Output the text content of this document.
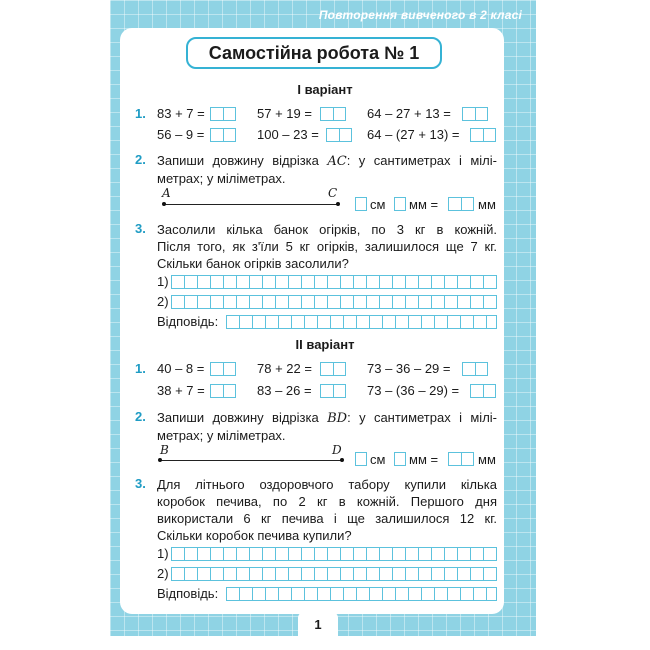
Повторення вивченого в 2 класі
1
Самостійна робота № 1
І варіант
1. 83 + 7 =	57 + 19 =	64 – 27 + 13 =
56 – 9 =	100 – 23 =	64 – (27 + 13) =
2. Запиши довжину відрізка AC: у сантиметрах і мілі-
метрах; у міліметрах.
A	C
см мм =	мм
3. Засолили кілька банок огірків, по 3 кг в кожній.
Після того, як з'їли 5 кг огірків, залишилося ще 7 кг.
Скільки банок огірків засолили?
1)
2)
Відповідь:
ІІ варіант
1. 40 – 8 =	78 + 22 =	73 – 36 – 29 =
38 + 7 =	83 – 26 =	73 – (36 – 29) =
2. Запиши довжину відрізка BD: у сантиметрах і мілі-
метрах; у міліметрах.
B	D
см мм =	мм
3. Для літнього оздоровчого табору купили кілька
коробок печива, по 2 кг в кожній. Першого дня
використали 6 кг печива і ще залишилося 12 кг.
Скільки коробок печива купили?
1)
2)
Відповідь:
